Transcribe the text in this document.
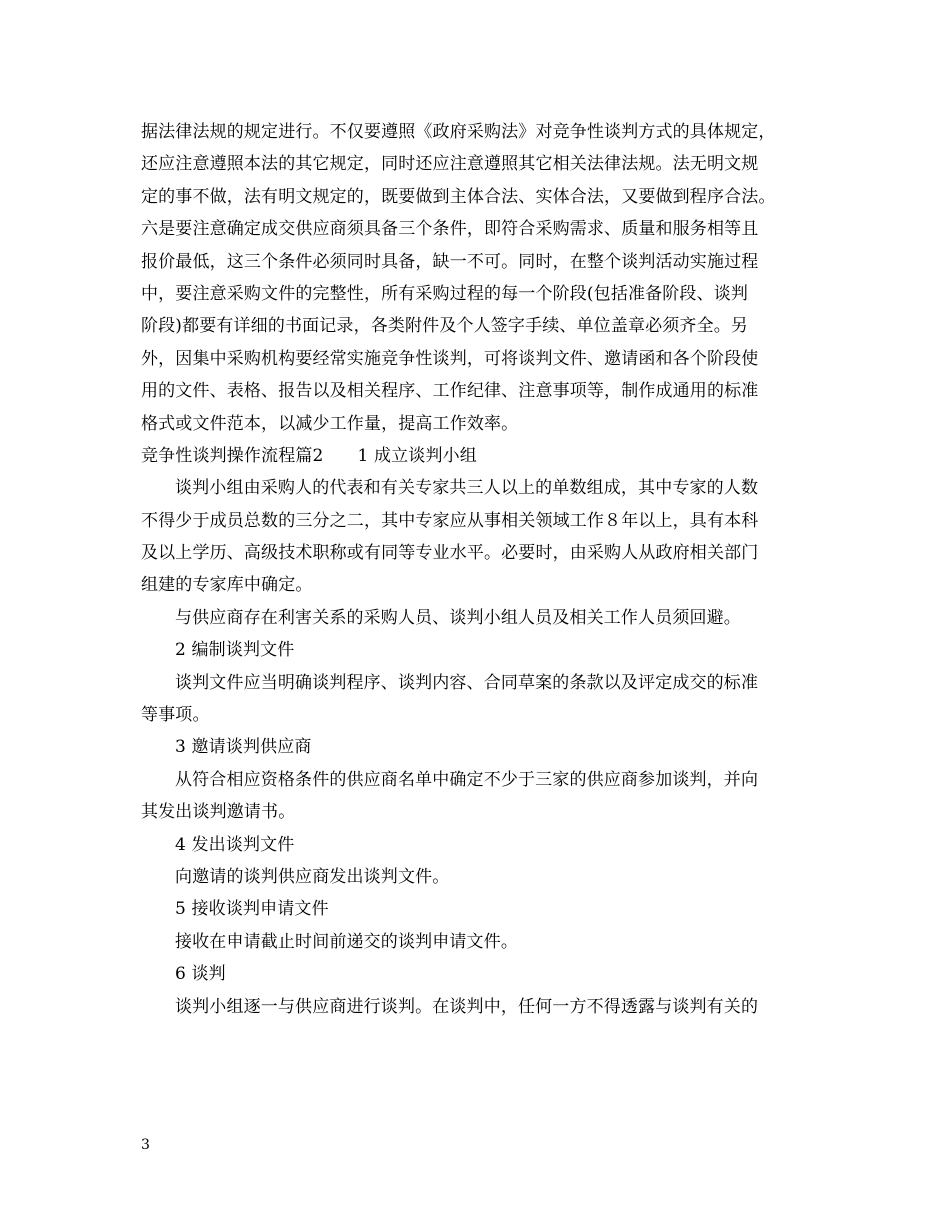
据法律法规的规定进行。不仅要遵照《政府采购法》对竞争性谈判方式的具体规定，
还应注意遵照本法的其它规定，同时还应注意遵照其它相关法律法规。法无明文规
定的事不做，法有明文规定的，既要做到主体合法、实体合法，又要做到程序合法。
六是要注意确定成交供应商须具备三个条件，即符合采购需求、质量和服务相等且
报价最低，这三个条件必须同时具备，缺一不可。同时，在整个谈判活动实施过程
中，要注意采购文件的完整性，所有采购过程的每一个阶段(包括准备阶段、谈判
阶段)都要有详细的书面记录，各类附件及个人签字手续、单位盖章必须齐全。另
外，因集中采购机构要经常实施竞争性谈判，可将谈判文件、邀请函和各个阶段使
用的文件、表格、报告以及相关程序、工作纪律、注意事项等，制作成通用的标准
格式或文件范本，以减少工作量，提高工作效率。
竞争性谈判操作流程篇2 1 成立谈判小组
谈判小组由采购人的代表和有关专家共三人以上的单数组成，其中专家的人数
不得少于成员总数的三分之二，其中专家应从事相关领域工作８年以上，具有本科
及以上学历、高级技术职称或有同等专业水平。必要时，由采购人从政府相关部门
组建的专家库中确定。
与供应商存在利害关系的采购人员、谈判小组人员及相关工作人员须回避。
2 编制谈判文件
谈判文件应当明确谈判程序、谈判内容、合同草案的条款以及评定成交的标准
等事项。
3 邀请谈判供应商
从符合相应资格条件的供应商名单中确定不少于三家的供应商参加谈判，并向
其发出谈判邀请书。
4 发出谈判文件
向邀请的谈判供应商发出谈判文件。
5 接收谈判申请文件
接收在申请截止时间前递交的谈判申请文件。
6 谈判
谈判小组逐一与供应商进行谈判。在谈判中，任何一方不得透露与谈判有关的
3
